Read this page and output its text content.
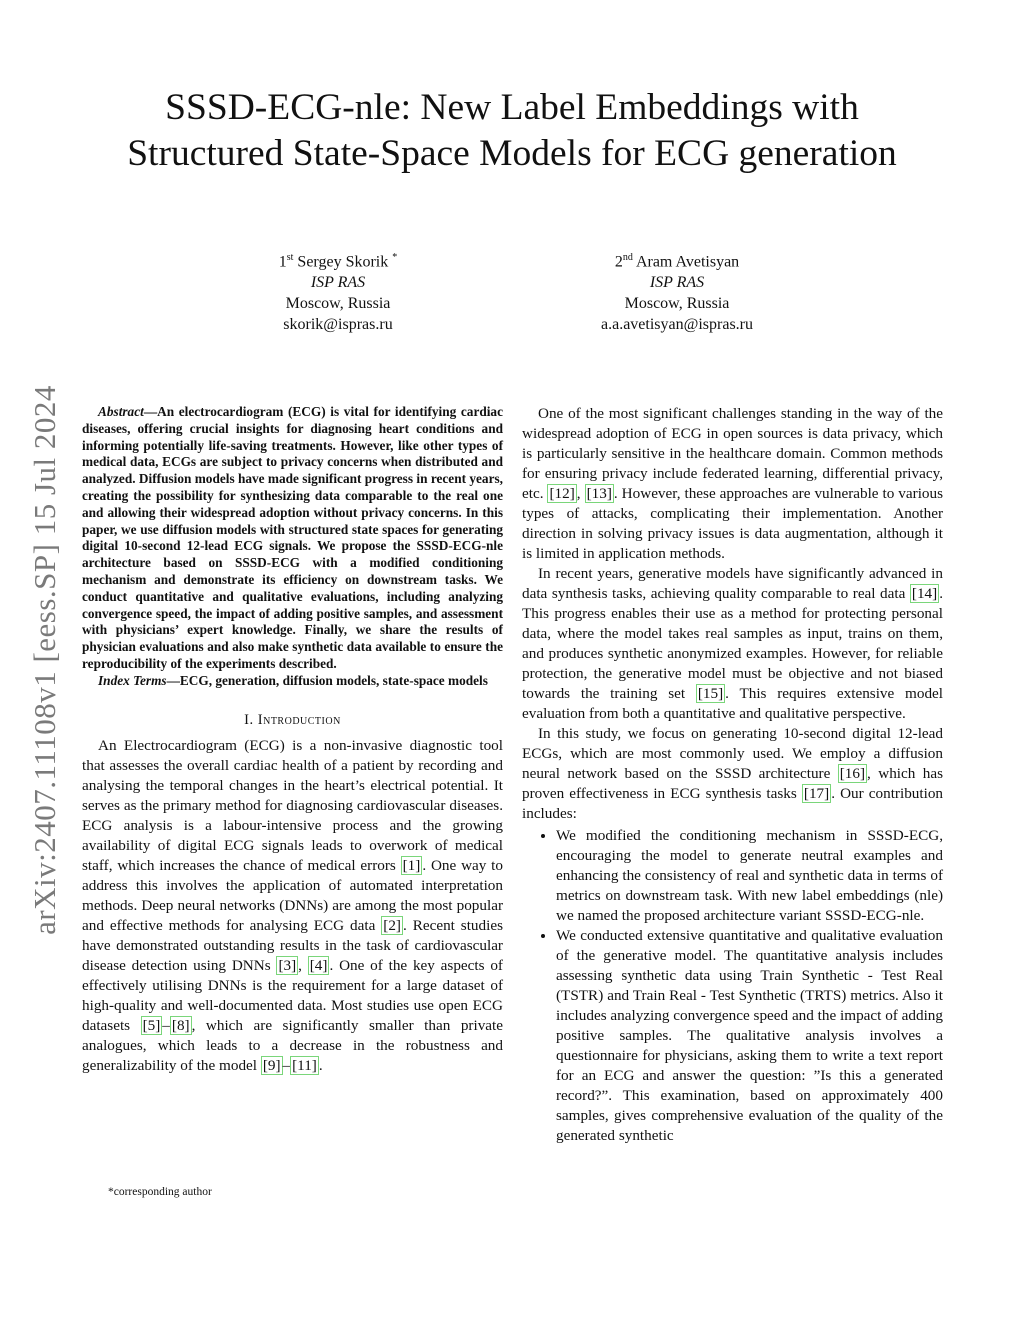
arXiv:2407.11108v1 [eess.SP] 15 Jul 2024
SSSD-ECG-nle: New Label Embeddings with
Structured State-Space Models for ECG generation
1st Sergey Skorik *
ISP RAS
Moscow, Russia
skorik@ispras.ru
2nd Aram Avetisyan
ISP RAS
Moscow, Russia
a.a.avetisyan@ispras.ru

Abstract—An electrocardiogram (ECG) is vital for identifying cardiac diseases, offering crucial insights for diagnosing heart conditions and informing potentially life-saving treatments. However, like other types of medical data, ECGs are subject to privacy concerns when distributed and analyzed. Diffusion models have made significant progress in recent years, creating the possibility for synthesizing data comparable to the real one and allowing their widespread adoption without privacy concerns. In this paper, we use diffusion models with structured state spaces for generating digital 10-second 12-lead ECG signals. We propose the SSSD-ECG-nle architecture based on SSSD-ECG with a modified conditioning mechanism and demonstrate its efficiency on downstream tasks. We conduct quantitative and qualitative evaluations, including analyzing convergence speed, the impact of adding positive samples, and assessment with physicians’ expert knowledge. Finally, we share the results of physician evaluations and also make synthetic data available to ensure the reproducibility of the experiments described.

Index Terms—ECG, generation, diffusion models, state-space models

I. Introduction

An Electrocardiogram (ECG) is a non-invasive diagnostic tool that assesses the overall cardiac health of a patient by recording and analysing the temporal changes in the heart’s electrical potential. It serves as the primary method for diagnosing cardiovascular diseases. ECG analysis is a labour-intensive process and the growing availability of digital ECG signals leads to overwork of medical staff, which increases the chance of medical errors [1] . One way to address this involves the application of automated interpretation methods. Deep neural networks (DNNs) are among the most popular and effective methods for analysing ECG data [2] . Recent studies have demonstrated outstanding results in the task of cardiovascular disease detection using DNNs [3] , [4] . One of the key aspects of effectively utilising DNNs is the requirement for a large dataset of high-quality and well-documented data. Most studies use open ECG datasets [5] – [8] , which are significantly smaller than private analogues, which leads to a decrease in the robustness and generalizability of the model [9] – [11] .

*corresponding author

One of the most significant challenges standing in the way of the widespread adoption of ECG in open sources is data privacy, which is particularly sensitive in the healthcare domain. Common methods for ensuring privacy include federated learning, differential privacy, etc. [12] , [13] . However, these approaches are vulnerable to various types of attacks, complicating their implementation. Another direction in solving privacy issues is data augmentation, although it is limited in application methods.

In recent years, generative models have significantly advanced in data synthesis tasks, achieving quality comparable to real data [14] . This progress enables their use as a method for protecting personal data, where the model takes real samples as input, trains on them, and produces synthetic anonymized examples. However, for reliable protection, the generative model must be objective and not biased towards the training set [15] . This requires extensive model evaluation from both a quantitative and qualitative perspective.

In this study, we focus on generating 10-second digital 12-lead ECGs, which are most commonly used. We employ a diffusion neural network based on the SSSD architecture [16] , which has proven effectiveness in ECG synthesis tasks [17] . Our contribution includes:

• We modified the conditioning mechanism in SSSD-ECG, encouraging the model to generate neutral examples and enhancing the consistency of real and synthetic data in terms of metrics on downstream task. With new label embeddings (nle) we named the proposed architecture variant SSSD-ECG-nle.
• We conducted extensive quantitative and qualitative evaluation of the generative model. The quantitative analysis includes assessing synthetic data using Train Synthetic - Test Real (TSTR) and Train Real - Test Synthetic (TRTS) metrics. Also it includes analyzing convergence speed and the impact of adding positive samples. The qualitative analysis involves a questionnaire for physicians, asking them to write a text report for an ECG and answer the question: ”Is this a generated record?”. This examination, based on approximately 400 samples, gives comprehensive evaluation of the quality of the generated synthetic
